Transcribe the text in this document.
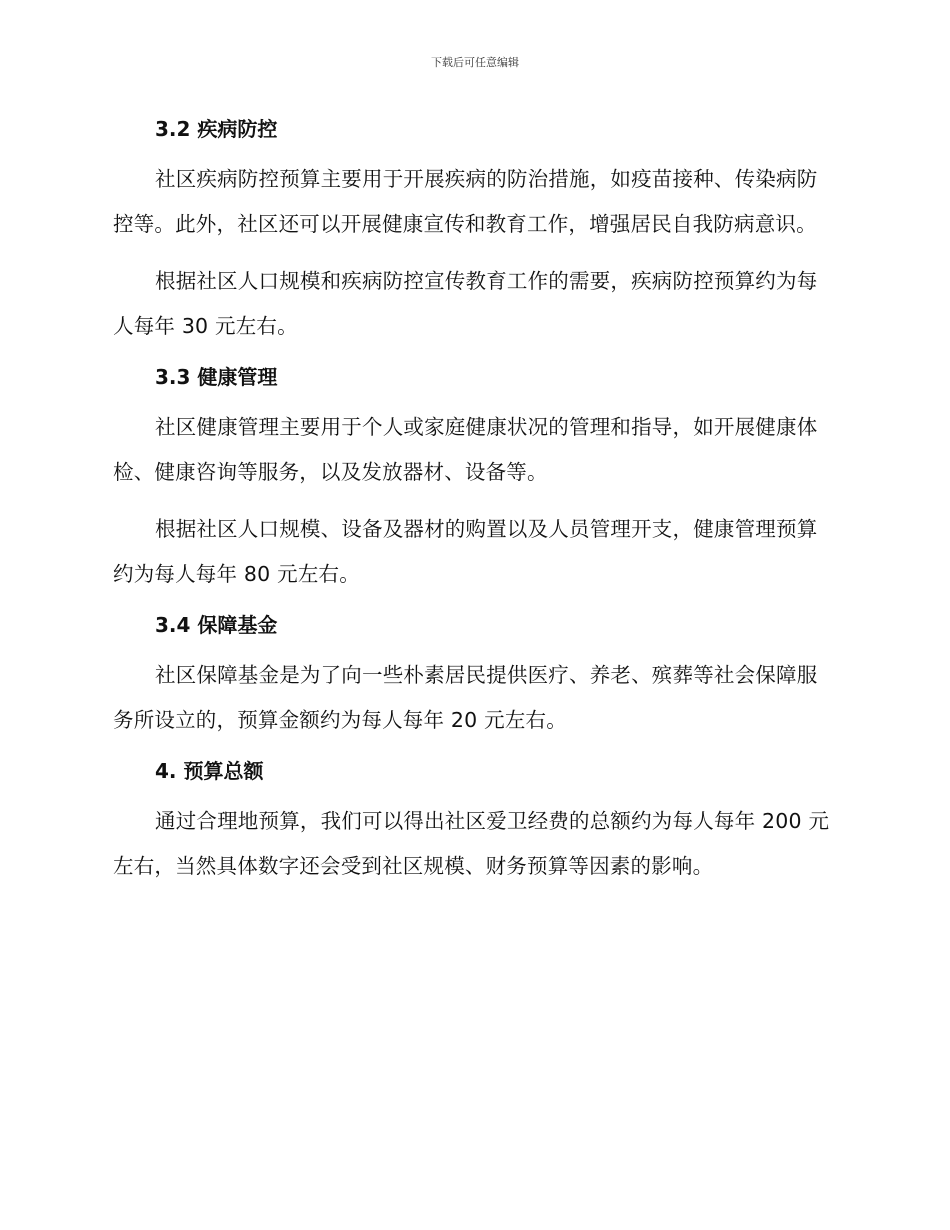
下载后可任意编辑
3.2 疾病防控

社区疾病防控预算主要用于开展疾病的防治措施，如疫苗接种、传染病防控等。此外，社区还可以开展健康宣传和教育工作，增强居民自我防病意识。

根据社区人口规模和疾病防控宣传教育工作的需要，疾病防控预算约为每人每年 30 元左右。

3.3 健康管理

社区健康管理主要用于个人或家庭健康状况的管理和指导，如开展健康体检、健康咨询等服务，以及发放器材、设备等。

根据社区人口规模、设备及器材的购置以及人员管理开支，健康管理预算约为每人每年 80 元左右。

3.4 保障基金

社区保障基金是为了向一些朴素居民提供医疗、养老、殡葬等社会保障服务所设立的，预算金额约为每人每年 20 元左右。

4. 预算总额

通过合理地预算，我们可以得出社区爱卫经费的总额约为每人每年 200 元左右，当然具体数字还会受到社区规模、财务预算等因素的影响。
